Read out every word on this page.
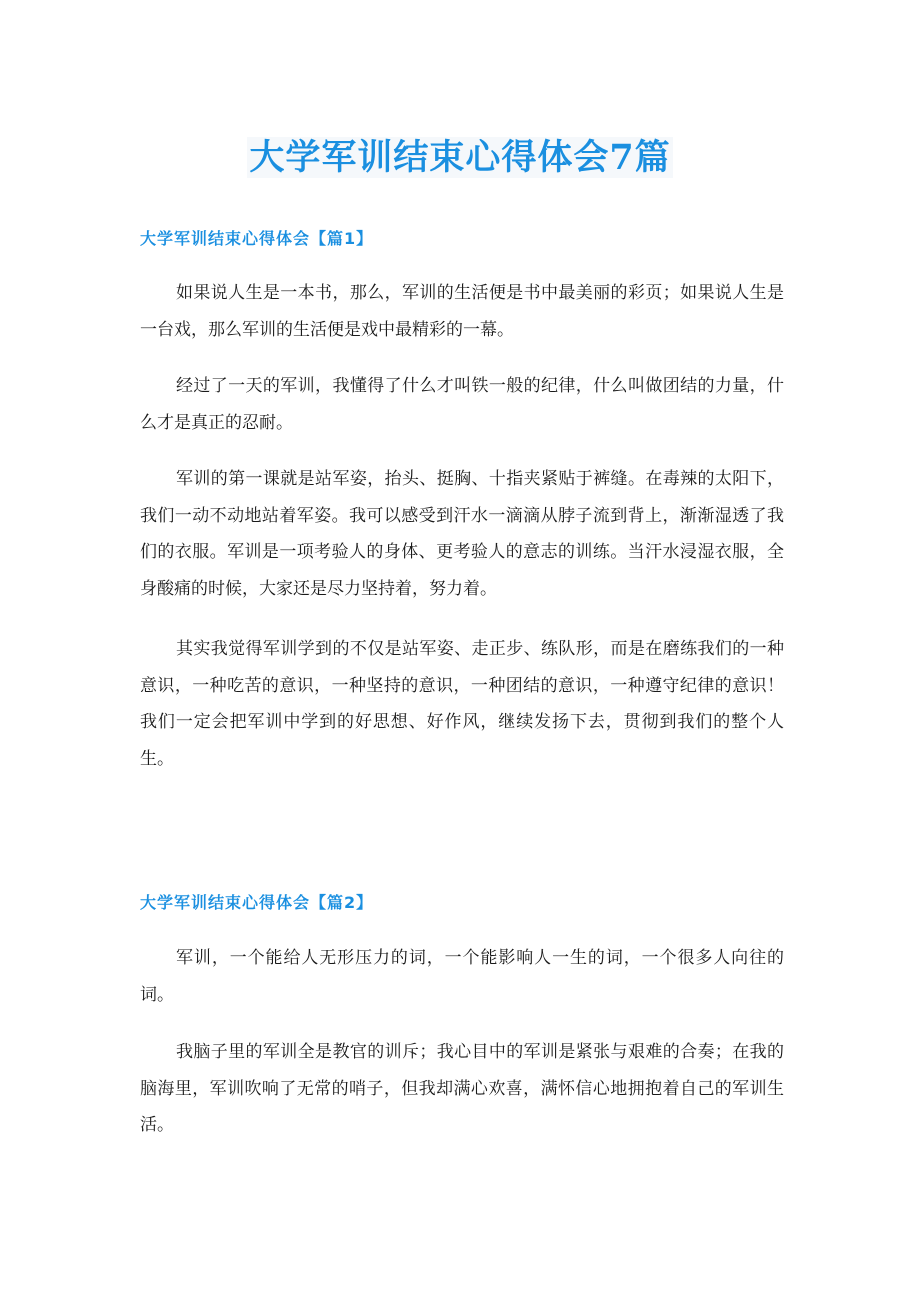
大学军训结束心得体会7篇
大学军训结束心得体会【篇1】

如果说人生是一本书，那么，军训的生活便是书中最美丽的彩页；如果说人生是一台戏，那么军训的生活便是戏中最精彩的一幕。

经过了一天的军训，我懂得了什么才叫铁一般的纪律，什么叫做团结的力量，什么才是真正的忍耐。

军训的第一课就是站军姿，抬头、挺胸、十指夹紧贴于裤缝。在毒辣的太阳下，我们一动不动地站着军姿。我可以感受到汗水一滴滴从脖子流到背上，渐渐湿透了我们的衣服。军训是一项考验人的身体、更考验人的意志的训练。当汗水浸湿衣服，全身酸痛的时候，大家还是尽力坚持着，努力着。

其实我觉得军训学到的不仅是站军姿、走正步、练队形，而是在磨练我们的一种意识，一种吃苦的意识，一种坚持的意识，一种团结的意识，一种遵守纪律的意识！我们一定会把军训中学到的好思想、好作风，继续发扬下去，贯彻到我们的整个人生。

大学军训结束心得体会【篇2】

军训，一个能给人无形压力的词，一个能影响人一生的词，一个很多人向往的词。

我脑子里的军训全是教官的训斥；我心目中的军训是紧张与艰难的合奏；在我的脑海里，军训吹响了无常的哨子，但我却满心欢喜，满怀信心地拥抱着自己的军训生活。
